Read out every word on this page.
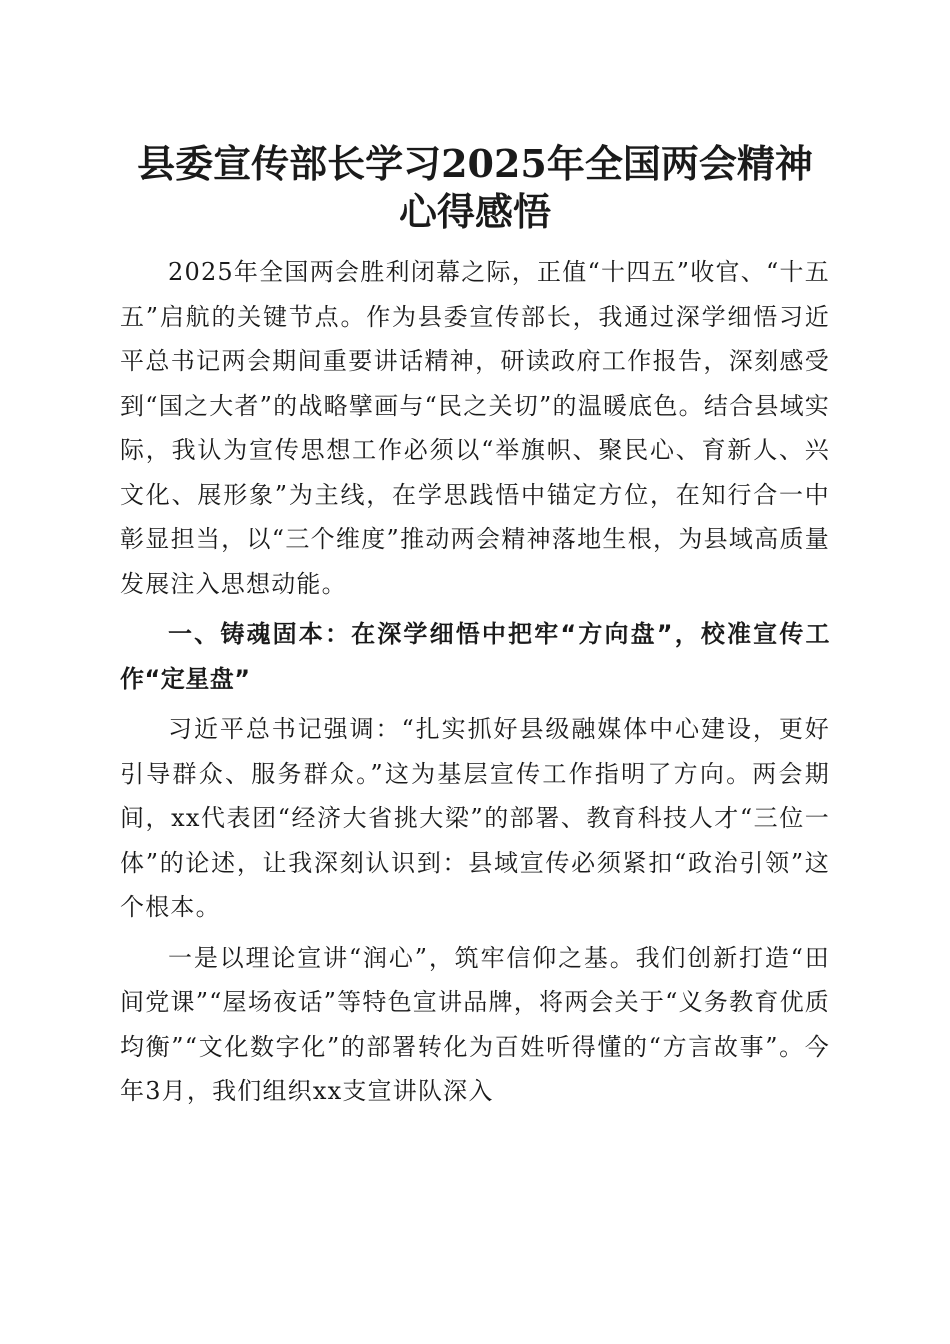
县委宣传部长学习2025年全国两会精神心得感悟

2025年全国两会胜利闭幕之际，正值“十四五”收官、“十五五”启航的关键节点。作为县委宣传部长，我通过深学细悟习近平总书记两会期间重要讲话精神，研读政府工作报告，深刻感受到“国之大者”的战略擘画与“民之关切”的温暖底色。结合县域实际，我认为宣传思想工作必须以“举旗帜、聚民心、育新人、兴文化、展形象”为主线，在学思践悟中锚定方位，在知行合一中彰显担当，以“三个维度”推动两会精神落地生根，为县域高质量发展注入思想动能。

一、铸魂固本：在深学细悟中把牢“方向盘”，校准宣传工作“定星盘”

习近平总书记强调：“扎实抓好县级融媒体中心建设，更好引导群众、服务群众。”这为基层宣传工作指明了方向。两会期间，xx代表团“经济大省挑大梁”的部署、教育科技人才“三位一体”的论述，让我深刻认识到：县域宣传必须紧扣“政治引领”这个根本。

一是以理论宣讲“润心”，筑牢信仰之基。我们创新打造“田间党课”“屋场夜话”等特色宣讲品牌，将两会关于“义务教育优质均衡”“文化数字化”的部署转化为百姓听得懂的“方言故事”。今年3月，我们组织xx支宣讲队深入
